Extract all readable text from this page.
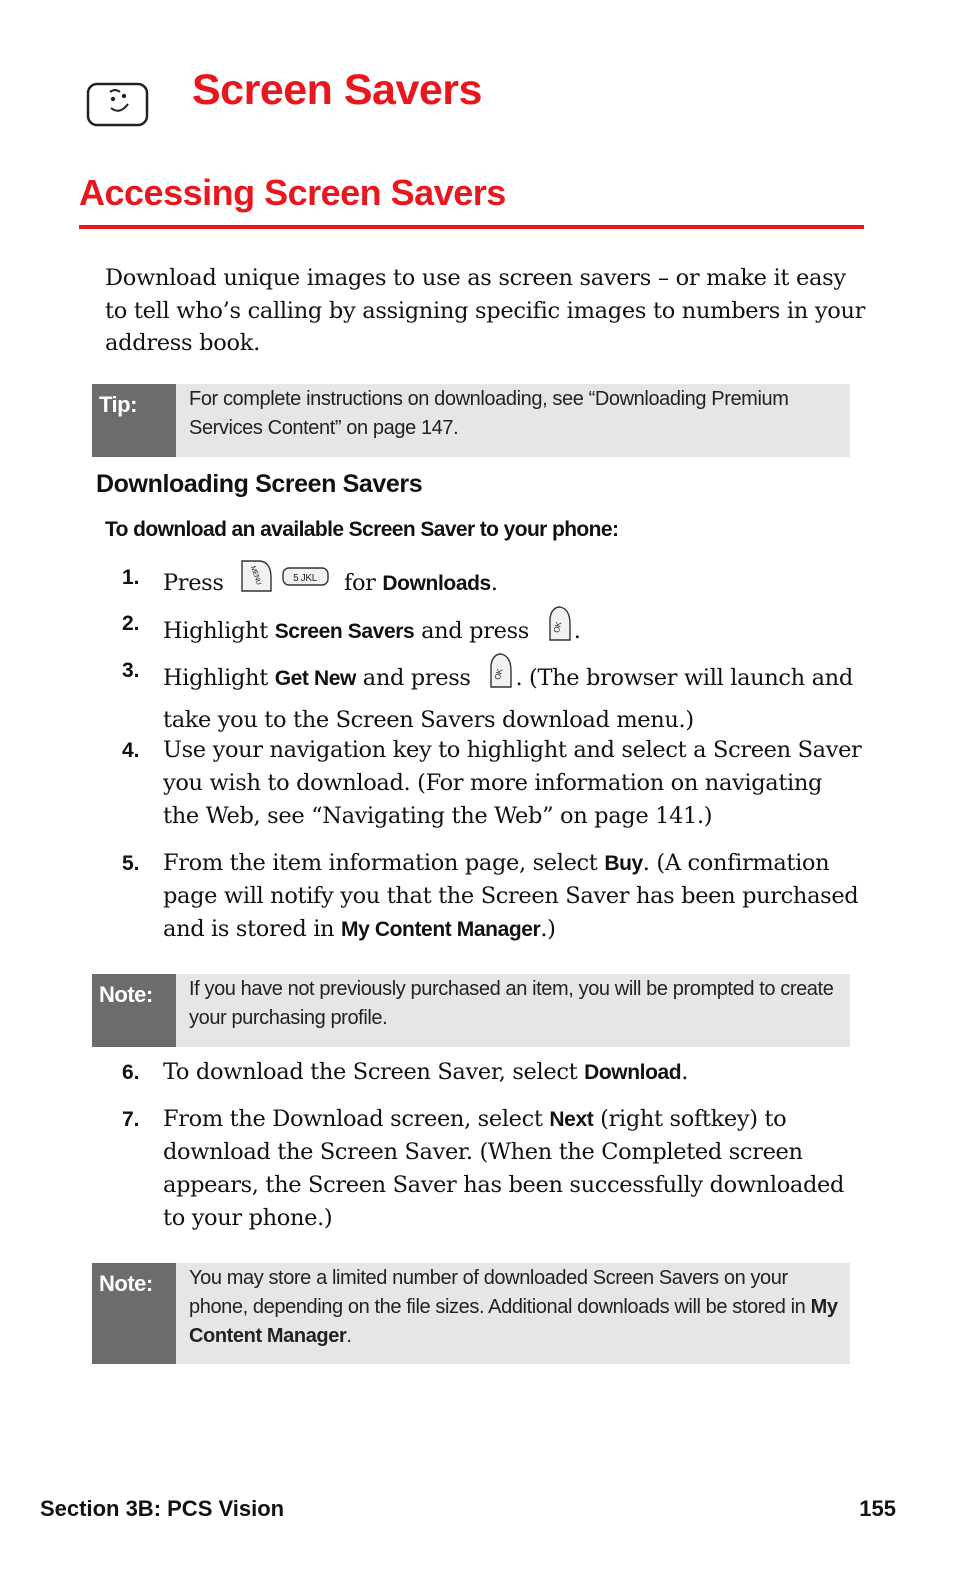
Screen Savers
Accessing Screen Savers

Download unique images to use as screen savers – or make it easy to tell who’s calling by assigning specific images to numbers in your address book.

Tip:	For complete instructions on downloading, see “Downloading Premium Services Content” on page 147.
Downloading Screen Savers

To download an available Screen Saver to your phone:

1.	Press	MENU
	5 JKL for Downloads.
2.	Highlight Screen Savers and press	OK .
3.	Highlight Get New and press	OK . (The browser will launch and take you to the Screen Savers download menu.)
4.	Use your navigation key to highlight and select a Screen Saver you wish to download. (For more information on navigating the Web, see “Navigating the Web” on page 141.)
5.	From the item information page, select Buy. (A confirmation page will notify you that the Screen Saver has been purchased and is stored in My Content Manager.)
Note:	If you have not previously purchased an item, you will be prompted to create your purchasing profile.
6.	To download the Screen Saver, select Download.
7.	From the Download screen, select Next (right softkey) to download the Screen Saver. (When the Completed screen appears, the Screen Saver has been successfully downloaded to your phone.)
Note:	You may store a limited number of downloaded Screen Savers on your phone, depending on the file sizes. Additional downloads will be stored in My Content Manager.
Section 3B: PCS Vision	155
